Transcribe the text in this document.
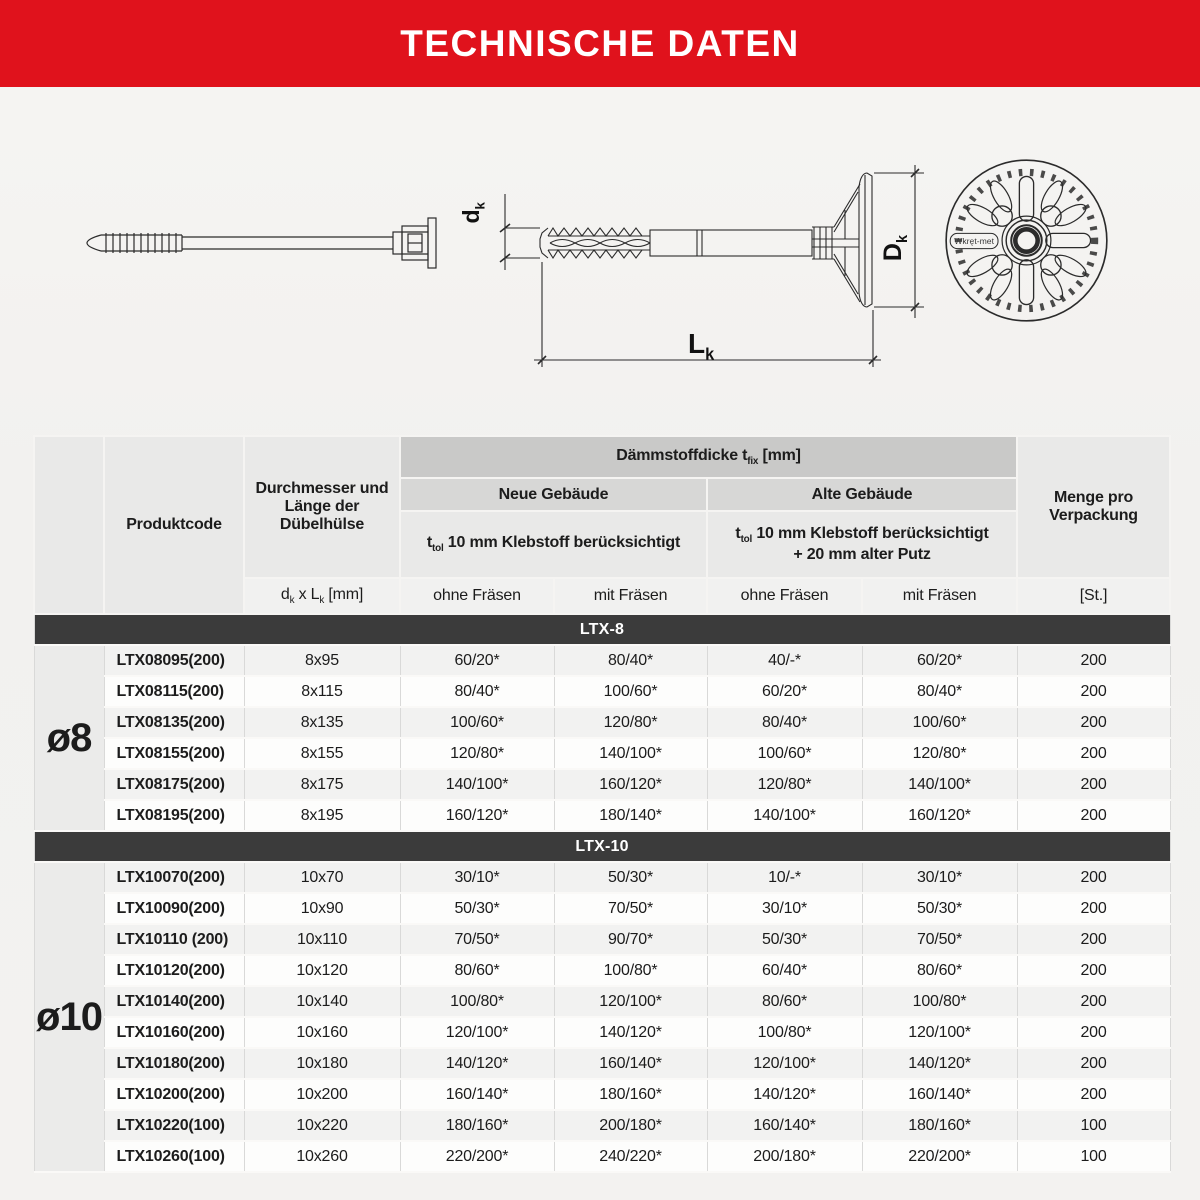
TECHNISCHE DATEN
$d_k$
$D_k$
$L_k$
Wkręt-met
	Produktcode	Durchmesser und Länge der Dübelhülse	Dämmstoffdicke $t_{fix}$ [mm]				Menge pro Verpackung
			Neue Gebäude		Alte Gebäude		
			$t_{tol}$ 10 mm Klebstoff berücksichtigt		$t_{tol}$ 10 mm Klebstoff berücksichtigt
+ 20 mm alter Putz		

		$d_k$ x $L_k$ [mm]	ohne Fräsen	mit Fräsen	ohne Fräsen	mit Fräsen	[St.]
LTX-8							
ø8	LTX08095(200)	8x95	60/20*	80/40*	40/-*	60/20*	200
	LTX08115(200)	8x115	80/40*	100/60*	60/20*	80/40*	200
	LTX08135(200)	8x135	100/60*	120/80*	80/40*	100/60*	200
	LTX08155(200)	8x155	120/80*	140/100*	100/60*	120/80*	200
	LTX08175(200)	8x175	140/100*	160/120*	120/80*	140/100*	200
	LTX08195(200)	8x195	160/120*	180/140*	140/100*	160/120*	200
LTX-10							
ø10	LTX10070(200)	10x70	30/10*	50/30*	10/-*	30/10*	200
	LTX10090(200)	10x90	50/30*	70/50*	30/10*	50/30*	200
	LTX10110 (200)	10x110	70/50*	90/70*	50/30*	70/50*	200
	LTX10120(200)	10x120	80/60*	100/80*	60/40*	80/60*	200
	LTX10140(200)	10x140	100/80*	120/100*	80/60*	100/80*	200
	LTX10160(200)	10x160	120/100*	140/120*	100/80*	120/100*	200
	LTX10180(200)	10x180	140/120*	160/140*	120/100*	140/120*	200
	LTX10200(200)	10x200	160/140*	180/160*	140/120*	160/140*	200
	LTX10220(100)	10x220	180/160*	200/180*	160/140*	180/160*	100
	LTX10260(100)	10x260	220/200*	240/220*	200/180*	220/200*	100
